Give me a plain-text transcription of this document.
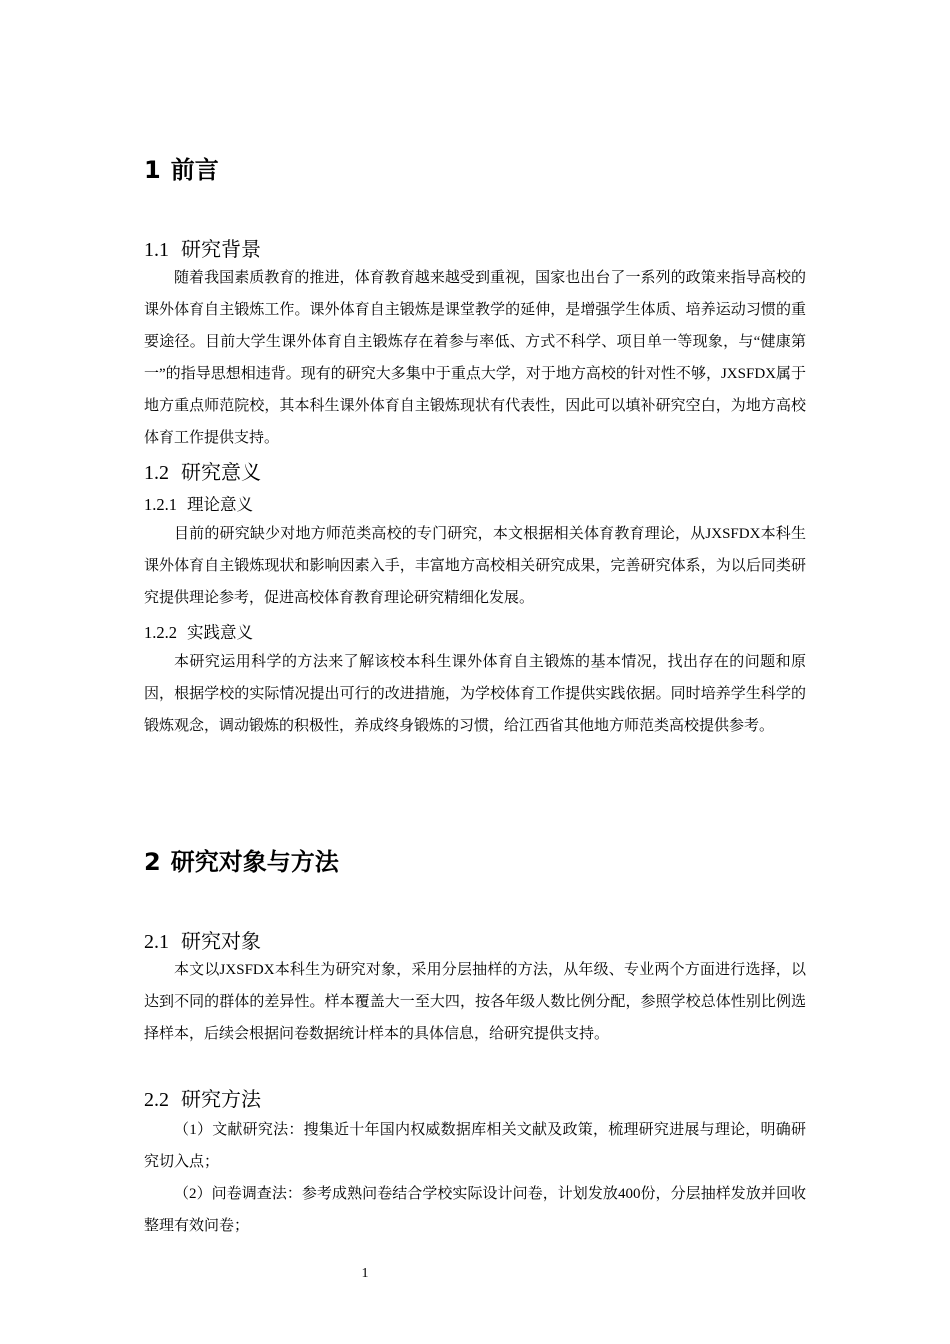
1 前言
1.1 研究背景

随着我国素质教育的推进，体育教育越来越受到重视，国家也出台了一系列的政策来指导高校的课外体育自主锻炼工作。课外体育自主锻炼是课堂教学的延伸，是增强学生体质、培养运动习惯的重要途径。目前大学生课外体育自主锻炼存在着参与率低、方式不科学、项目单一等现象，与“健康第一”的指导思想相违背。现有的研究大多集中于重点大学，对于地方高校的针对性不够，JXSFDX属于地方重点师范院校，其本科生课外体育自主锻炼现状有代表性，因此可以填补研究空白，为地方高校体育工作提供支持。

1.2 研究意义
1.2.1 理论意义

目前的研究缺少对地方师范类高校的专门研究，本文根据相关体育教育理论，从JXSFDX本科生课外体育自主锻炼现状和影响因素入手，丰富地方高校相关研究成果，完善研究体系，为以后同类研究提供理论参考，促进高校体育教育理论研究精细化发展。

1.2.2 实践意义

本研究运用科学的方法来了解该校本科生课外体育自主锻炼的基本情况，找出存在的问题和原因，根据学校的实际情况提出可行的改进措施，为学校体育工作提供实践依据。同时培养学生科学的锻炼观念，调动锻炼的积极性，养成终身锻炼的习惯，给江西省其他地方师范类高校提供参考。

2 研究对象与方法
2.1 研究对象

本文以JXSFDX本科生为研究对象，采用分层抽样的方法，从年级、专业两个方面进行选择，以达到不同的群体的差异性。样本覆盖大一至大四，按各年级人数比例分配，参照学校总体性别比例选择样本，后续会根据问卷数据统计样本的具体信息，给研究提供支持。

2.2 研究方法

（1）文献研究法：搜集近十年国内权威数据库相关文献及政策，梳理研究进展与理论，明确研究切入点；

（2）问卷调查法：参考成熟问卷结合学校实际设计问卷，计划发放400份，分层抽样发放并回收整理有效问卷；

1
